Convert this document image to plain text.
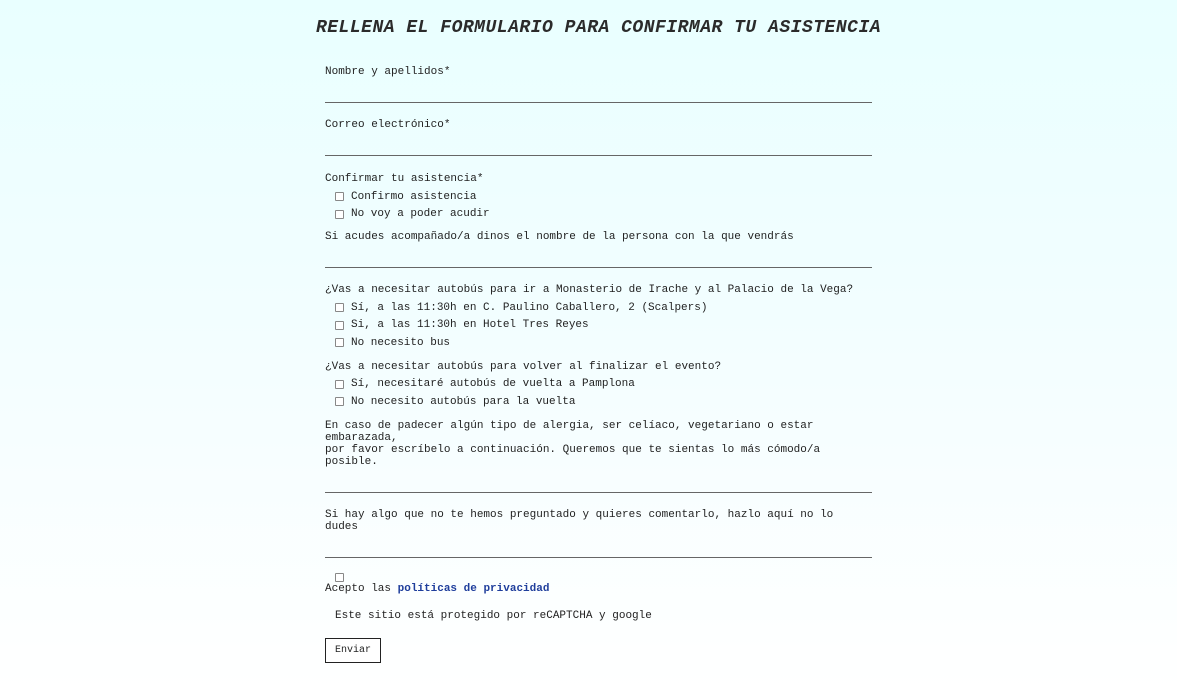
RELLENA EL FORMULARIO PARA CONFIRMAR TU ASISTENCIA
Nombre y apellidos*
Correo electrónico*
Confirmar tu asistencia*
Confirmo asistencia
No voy a poder acudir
Si acudes acompañado/a dinos el nombre de la persona con la que vendrás
¿Vas a necesitar autobús para ir a Monasterio de Irache y al Palacio de la Vega?
Sí, a las 11:30h en C. Paulino Caballero, 2 (Scalpers)
Si, a las 11:30h en Hotel Tres Reyes
No necesito bus
¿Vas a necesitar autobús para volver al finalizar el evento?
Sí, necesitaré autobús de vuelta a Pamplona
No necesito autobús para la vuelta
En caso de padecer algún tipo de alergia, ser celíaco, vegetariano o estar embarazada,
por favor escríbelo a continuación. Queremos que te sientas lo más cómodo/a posible.
Si hay algo que no te hemos preguntado y quieres comentarlo, hazlo aquí no lo dudes
Acepto las políticas de privacidad
Este sitio está protegido por reCAPTCHA y google
Enviar
